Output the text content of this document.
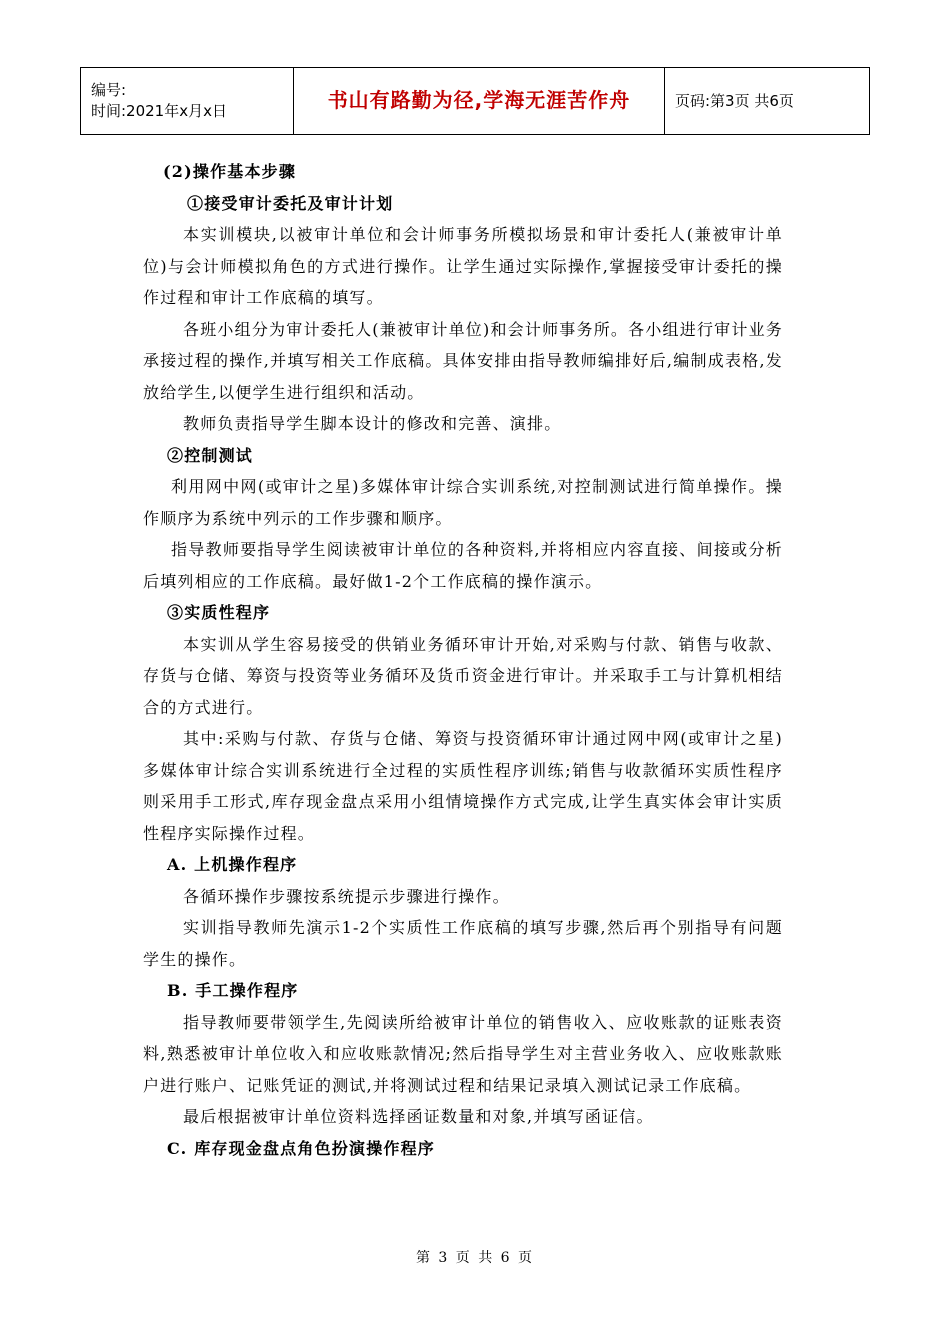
编号:
时间:2021年x月x日	书山有路勤为径,学海无涯苦作舟	页码:第3页 共6页
(2)操作基本步骤
①接受审计委托及审计计划

本实训模块,以被审计单位和会计师事务所模拟场景和审计委托人(兼被审计单位)与会计师模拟角色的方式进行操作。让学生通过实际操作,掌握接受审计委托的操作过程和审计工作底稿的填写。

各班小组分为审计委托人(兼被审计单位)和会计师事务所。各小组进行审计业务承接过程的操作,并填写相关工作底稿。具体安排由指导教师编排好后,编制成表格,发放给学生,以便学生进行组织和活动。

教师负责指导学生脚本设计的修改和完善、演排。

②控制测试

利用网中网(或审计之星)多媒体审计综合实训系统,对控制测试进行简单操作。操作顺序为系统中列示的工作步骤和顺序。

指导教师要指导学生阅读被审计单位的各种资料,并将相应内容直接、间接或分析后填列相应的工作底稿。最好做1-2个工作底稿的操作演示。

③实质性程序

本实训从学生容易接受的供销业务循环审计开始,对采购与付款、销售与收款、存货与仓储、筹资与投资等业务循环及货币资金进行审计。并采取手工与计算机相结合的方式进行。

其中:采购与付款、存货与仓储、筹资与投资循环审计通过网中网(或审计之星)多媒体审计综合实训系统进行全过程的实质性程序训练;销售与收款循环实质性程序则采用手工形式,库存现金盘点采用小组情境操作方式完成,让学生真实体会审计实质性程序实际操作过程。

A. 上机操作程序

各循环操作步骤按系统提示步骤进行操作。

实训指导教师先演示1-2个实质性工作底稿的填写步骤,然后再个别指导有问题学生的操作。

B. 手工操作程序

指导教师要带领学生,先阅读所给被审计单位的销售收入、应收账款的证账表资料,熟悉被审计单位收入和应收账款情况;然后指导学生对主营业务收入、应收账款账户进行账户、记账凭证的测试,并将测试过程和结果记录填入测试记录工作底稿。

最后根据被审计单位资料选择函证数量和对象,并填写函证信。

C. 库存现金盘点角色扮演操作程序
第 3 页 共 6 页
